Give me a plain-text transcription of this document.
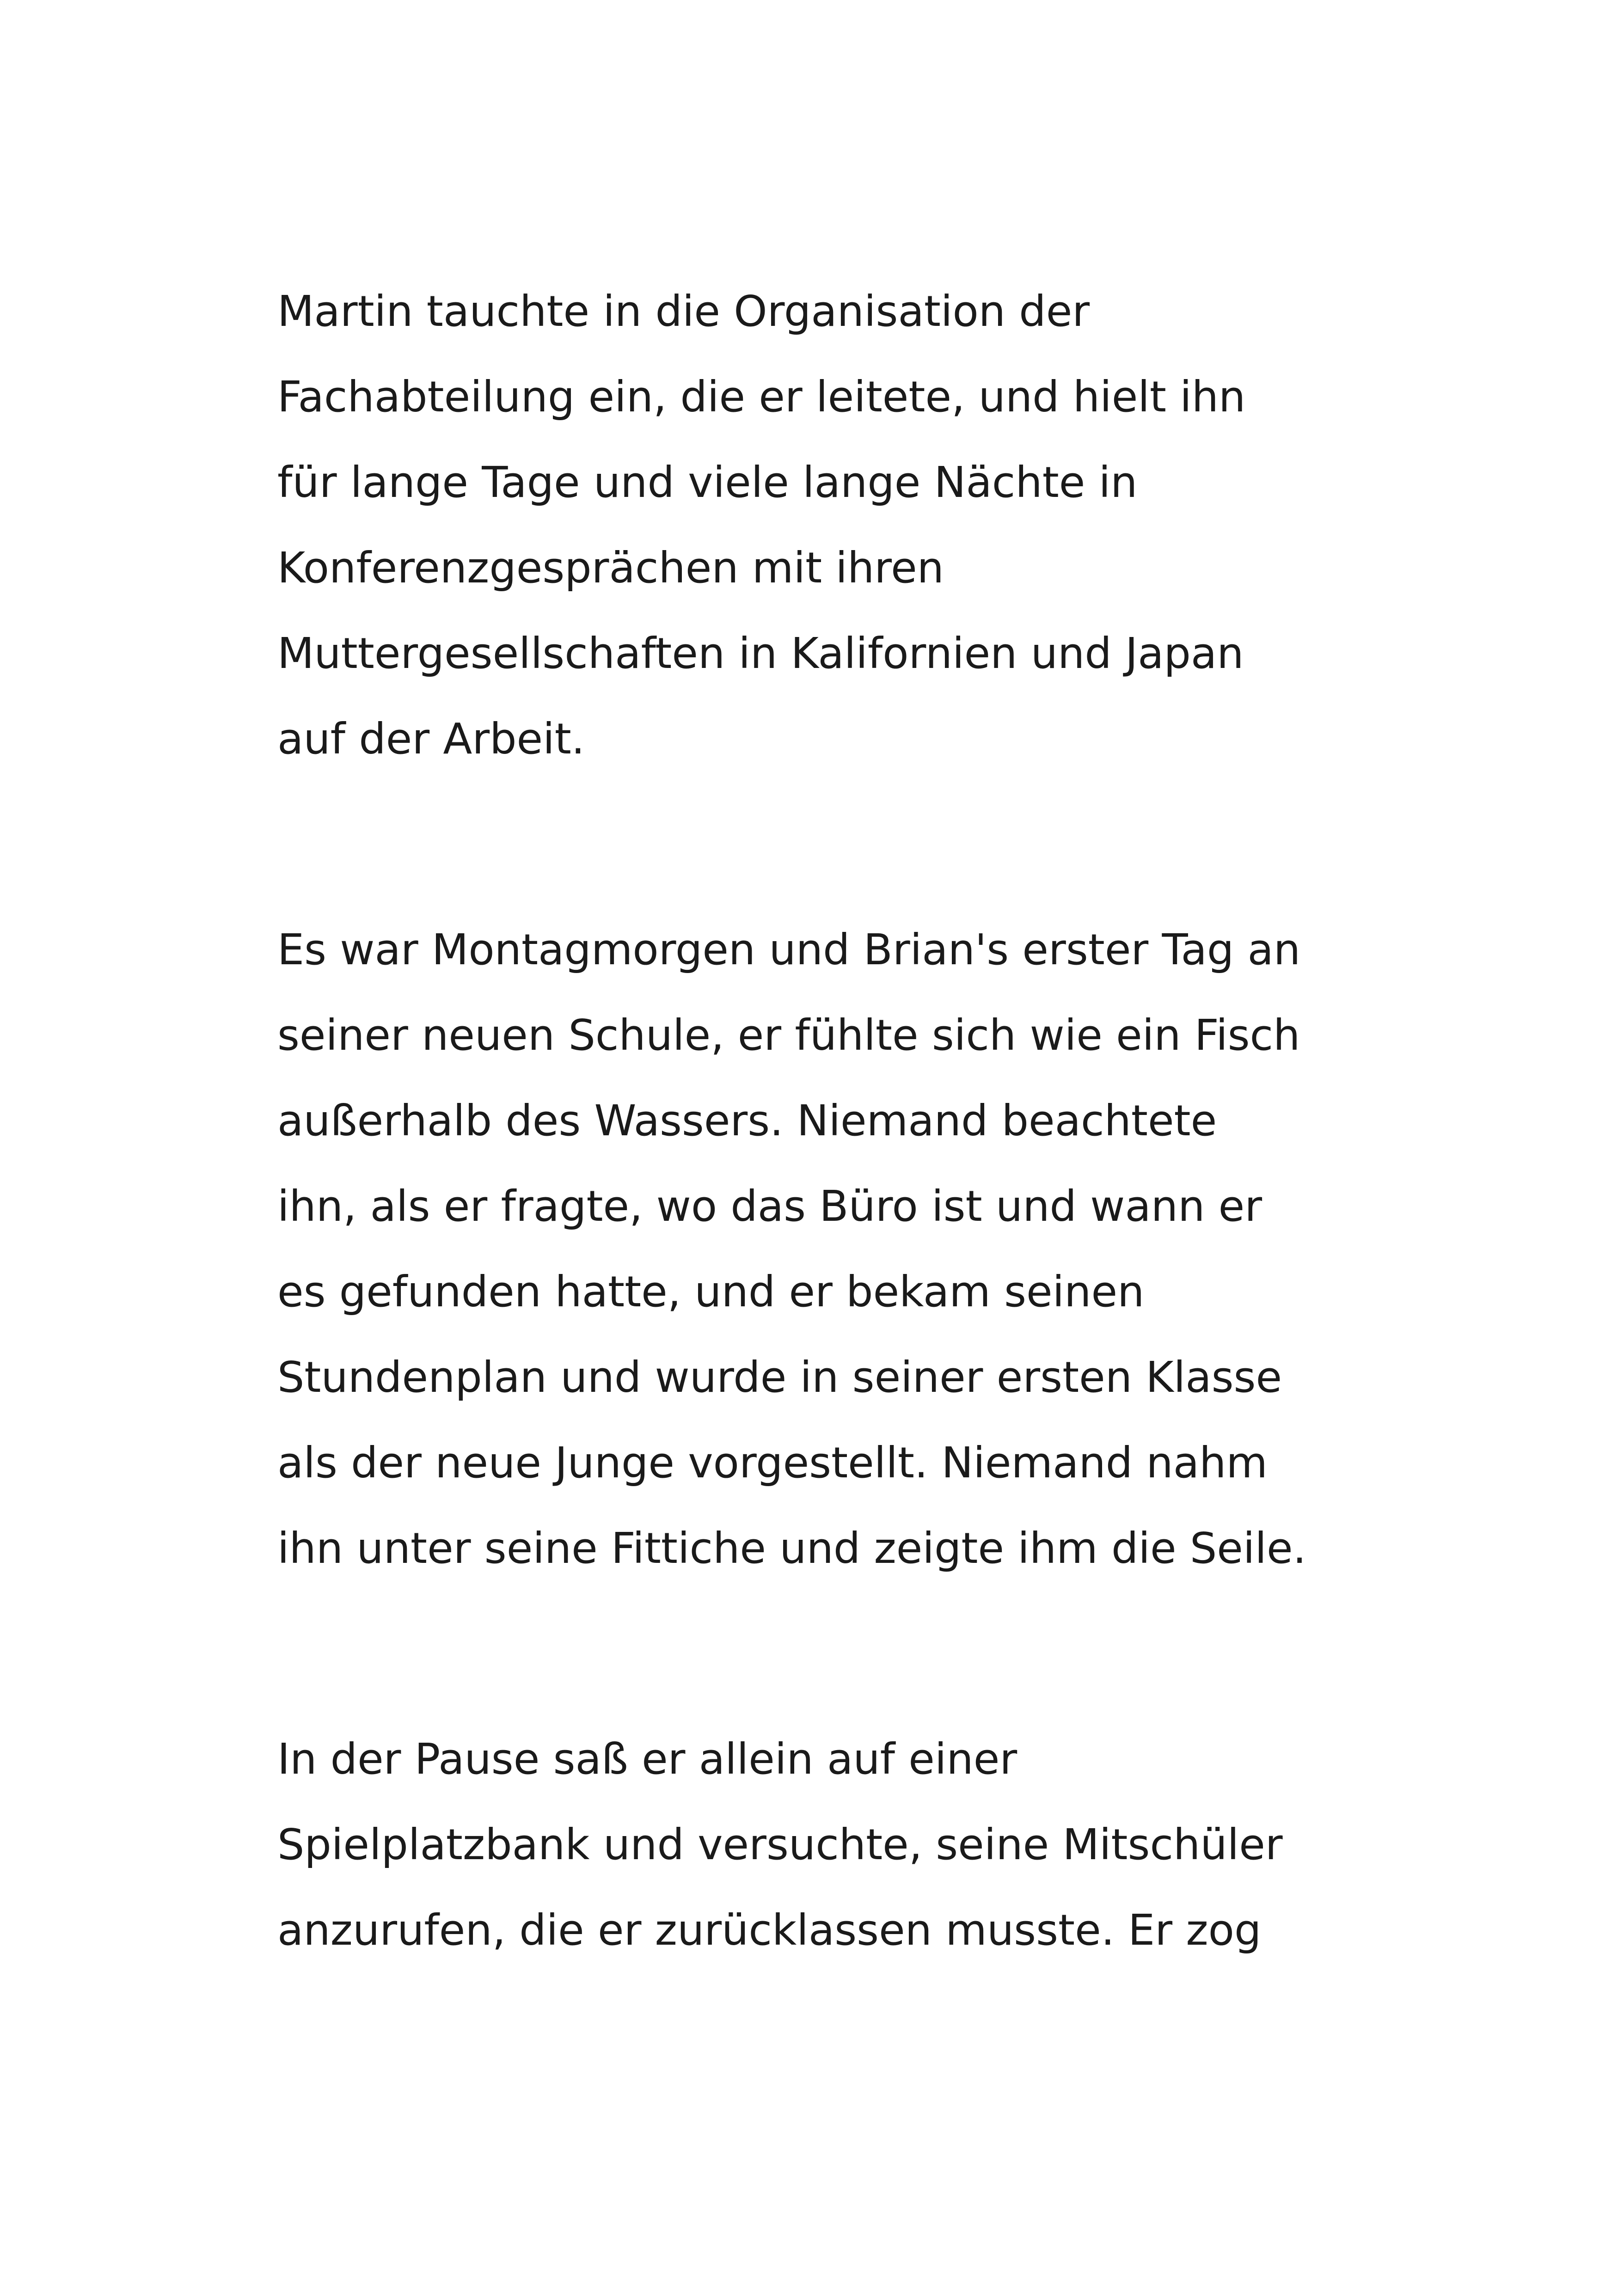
Martin tauchte in die Organisation der
Fachabteilung ein, die er leitete, und hielt ihn
für lange Tage und viele lange Nächte in
Konferenzgesprächen mit ihren
Muttergesellschaften in Kalifornien und Japan
auf der Arbeit.

Es war Montagmorgen und Brian's erster Tag an
seiner neuen Schule, er fühlte sich wie ein Fisch
außerhalb des Wassers. Niemand beachtete
ihn, als er fragte, wo das Büro ist und wann er
es gefunden hatte, und er bekam seinen
Stundenplan und wurde in seiner ersten Klasse
als der neue Junge vorgestellt. Niemand nahm
ihn unter seine Fittiche und zeigte ihm die Seile.

In der Pause saß er allein auf einer
Spielplatzbank und versuchte, seine Mitschüler
anzurufen, die er zurücklassen musste. Er zog
